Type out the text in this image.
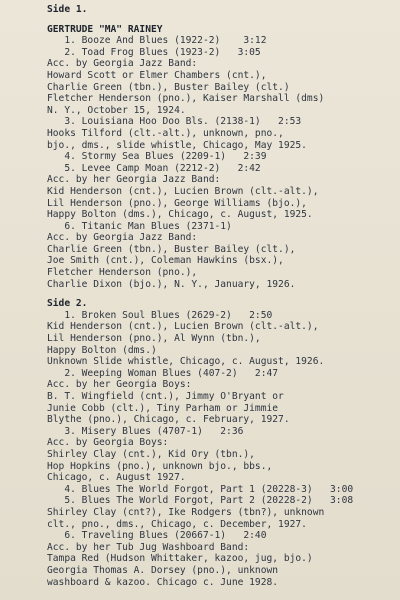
Side 1.
GERTRUDE "MA" RAINEY
1. Booze And Blues (1922-2)    3:12
2. Toad Frog Blues (1923-2)   3:05
Acc. by Georgia Jazz Band:
Howard Scott or Elmer Chambers (cnt.),
Charlie Green (tbn.), Buster Bailey (clt.)
Fletcher Henderson (pno.), Kaiser Marshall (dms)
N. Y., October 15, 1924.
3. Louisiana Hoo Doo Bls. (2138-1)   2:53
Hooks Tilford (clt.-alt.), unknown, pno.,
bjo., dms., slide whistle, Chicago, May 1925.
4. Stormy Sea Blues (2209-1)   2:39
5. Levee Camp Moan (2212-2)   2:42
Acc. by her Georgia Jazz Band:
Kid Henderson (cnt.), Lucien Brown (clt.-alt.),
Lil Henderson (pno.), George Williams (bjo.),
Happy Bolton (dms.), Chicago, c. August, 1925.
6. Titanic Man Blues (2371-1)
Acc. by Georgia Jazz Band:
Charlie Green (tbn.), Buster Bailey (clt.),
Joe Smith (cnt.), Coleman Hawkins (bsx.),
Fletcher Henderson (pno.),
Charlie Dixon (bjo.), N. Y., January, 1926.
Side 2.
1. Broken Soul Blues (2629-2)   2:50
Kid Henderson (cnt.), Lucien Brown (clt.-alt.),
Lil Henderson (pno.), Al Wynn (tbn.),
Happy Bolton (dms.)
Unknown Slide whistle, Chicago, c. August, 1926.
2. Weeping Woman Blues (407-2)   2:47
Acc. by her Georgia Boys:
B. T. Wingfield (cnt.), Jimmy O'Bryant or
Junie Cobb (clt.), Tiny Parham or Jimmie
Blythe (pno.), Chicago, c. February, 1927.
3. Misery Blues (4707-1)   2:36
Acc. by Georgia Boys:
Shirley Clay (cnt.), Kid Ory (tbn.),
Hop Hopkins (pno.), unknown bjo., bbs.,
Chicago, c. August 1927.
4. Blues The World Forgot, Part 1 (20228-3)   3:00
5. Blues The World Forgot, Part 2 (20228-2)   3:08
Shirley Clay (cnt?), Ike Rodgers (tbn?), unknown
clt., pno., dms., Chicago, c. December, 1927.
6. Traveling Blues (20667-1)   2:40
Acc. by her Tub Jug Washboard Band:
Tampa Red (Hudson Whittaker, kazoo, jug, bjo.)
Georgia Thomas A. Dorsey (pno.), unknown
washboard & kazoo. Chicago c. June 1928.
